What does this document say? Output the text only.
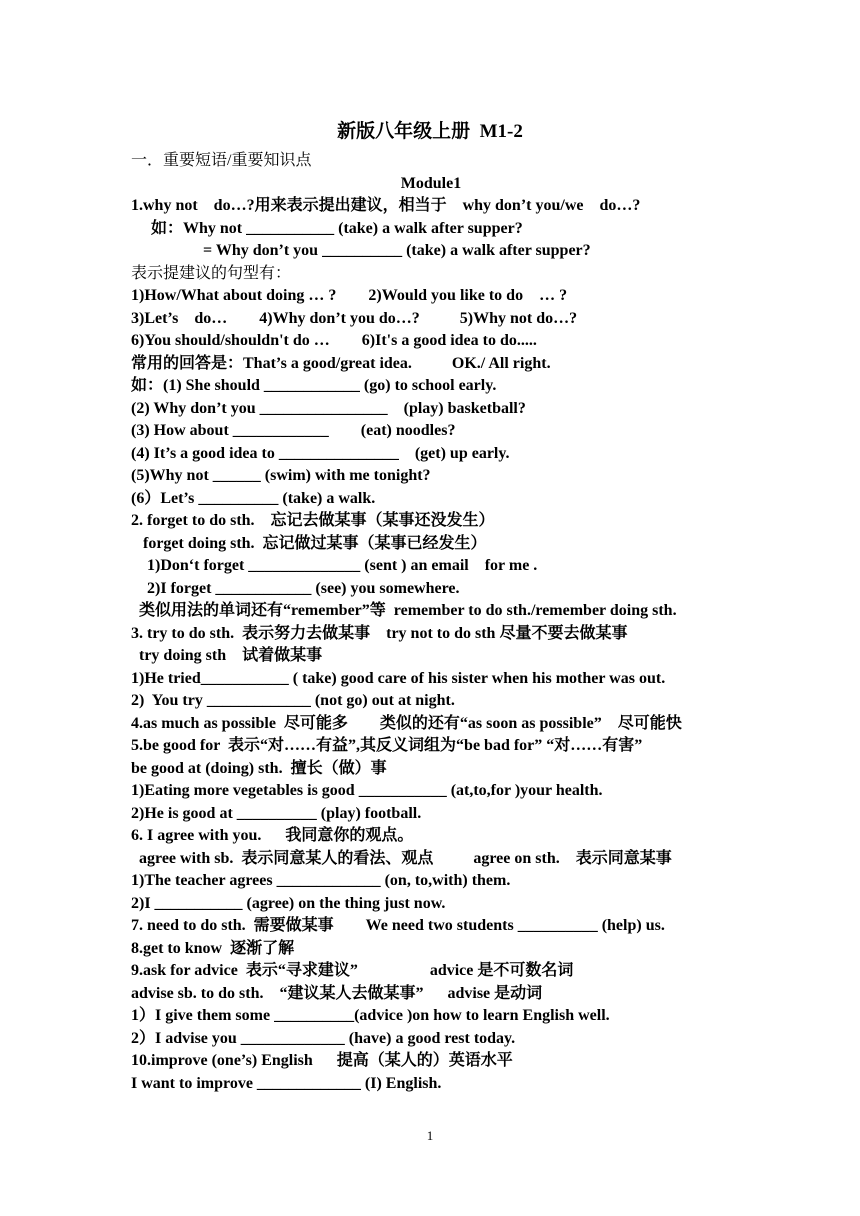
新版八年级上册  M1-2
一．重要短语/重要知识点
Module1
1.why not    do…?用来表示提出建议，相当于    why don’t you/we    do…?
如：Why not ___________ (take) a walk after supper?
= Why don’t you __________ (take) a walk after supper?
表示提建议的句型有：
1)How/What about doing … ?        2)Would you like to do    … ?
3)Let’s    do…        4)Why don’t you do…?          5)Why not do…?
6)You should/shouldn't do …        6)It's a good idea to do.....
常用的回答是：That’s a good/great idea.          OK./ All right.
如：(1) She should ____________ (go) to school early.
(2) Why don’t you ________________    (play) basketball?
(3) How about ____________        (eat) noodles?
(4) It’s a good idea to _______________    (get) up early.
(5)Why not ______ (swim) with me tonight?
(6）Let’s __________ (take) a walk.
2. forget to do sth.    忘记去做某事（某事还没发生）
forget doing sth.  忘记做过某事（某事已经发生）
1)Don‘t forget ______________ (sent ) an email    for me .
2)I forget ____________ (see) you somewhere.
类似用法的单词还有“remember”等  remember to do sth./remember doing sth.
3. try to do sth.  表示努力去做某事    try not to do sth 尽量不要去做某事
try doing sth    试着做某事
1)He tried___________ ( take) good care of his sister when his mother was out.
2)  You try _____________ (not go) out at night.
4.as much as possible  尽可能多        类似的还有“as soon as possible”    尽可能快
5.be good for  表示“对……有益”,其反义词组为“be bad for” “对……有害”
be good at (doing) sth.  擅长（做）事
1)Eating more vegetables is good ___________ (at,to,for )your health.
2)He is good at __________ (play) football.
6. I agree with you.      我同意你的观点。
agree with sb.  表示同意某人的看法、观点          agree on sth.    表示同意某事
1)The teacher agrees _____________ (on, to,with) them.
2)I ___________ (agree) on the thing just now.
7. need to do sth.  需要做某事        We need two students __________ (help) us.
8.get to know  逐渐了解
9.ask for advice  表示“寻求建议”                  advice 是不可数名词
advise sb. to do sth.    “建议某人去做某事”      advise 是动词
1）I give them some __________(advice )on how to learn English well.
2）I advise you _____________ (have) a good rest today.
10.improve (one’s) English      提高（某人的）英语水平
I want to improve _____________ (I) English.
1
